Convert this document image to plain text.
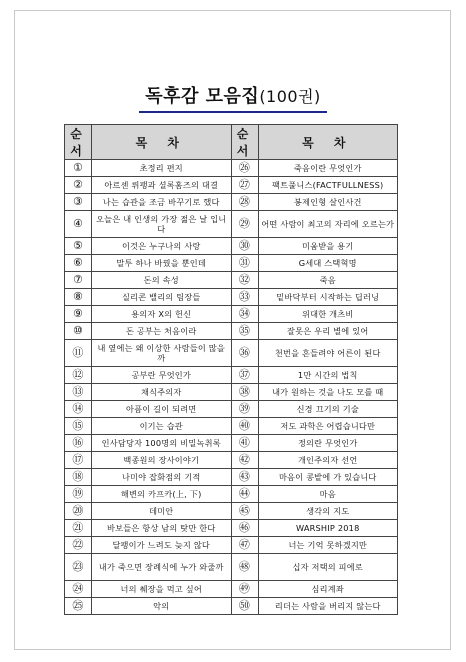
독후감 모음집(100권)
순서	목 차	순서	목 차
①	초정리 편지	㉖	죽음이란 무엇인가
②	아르센 뤼팽과 셜록홈즈의 대결	㉗	팩트풀니스(FACTFULLNESS)
③	나는 습관을 조금 바꾸기로 했다	㉘	봉제인형 살인사건
④	오늘은 내 인생의 가장 젊은 날 입니다	㉙	어떤 사람이 최고의 자리에 오르는가
⑤	이것은 누구나의 사랑	㉚	미움받을 용기
⑥	말투 하나 바꿨을 뿐인데	㉛	G세대 스택혁명
⑦	돈의 속성	㉜	죽음
⑧	실리콘 밸리의 팀장들	㉝	밑바닥부터 시작하는 딥러닝
⑨	용의자 X의 헌신	㉞	위대한 개츠비
⑩	돈 공부는 처음이라	㉟	잘못은 우리 별에 있어
⑪	내 옆에는 왜 이상한 사람들이 많을까	㊱	천번을 흔들려야 어른이 된다
⑫	공부란 무엇인가	㊲	1만 시간의 법칙
⑬	채식주의자	㊳	내가 원하는 것을 나도 모를 때
⑭	아픔이 길이 되려면	㊴	신경 끄기의 기술
⑮	이기는 습관	㊵	저도 과학은 어렵습니다만
⑯	인사담당자 100명의 비밀녹취록	㊶	정의란 무엇인가
⑰	백종원의 장사이야기	㊷	개인주의자 선언
⑱	나미야 잡화점의 기적	㊸	마음이 콩밭에 가 있습니다
⑲	해변의 카프카(上, 下)	㊹	마음
⑳	데미안	㊺	생각의 지도
㉑	바보들은 항상 남의 탓만 한다	㊻	WARSHIP 2018
㉒	달팽이가 느려도 늦지 않다	㊼	너는 기억 못하겠지만
㉓	내가 죽으면 장례식에 누가 와줄까	㊽	십자 저택의 피에로
㉔	너의 췌장을 먹고 싶어	㊾	심리계좌
㉕	악의	㊿	리더는 사람을 버리지 않는다
